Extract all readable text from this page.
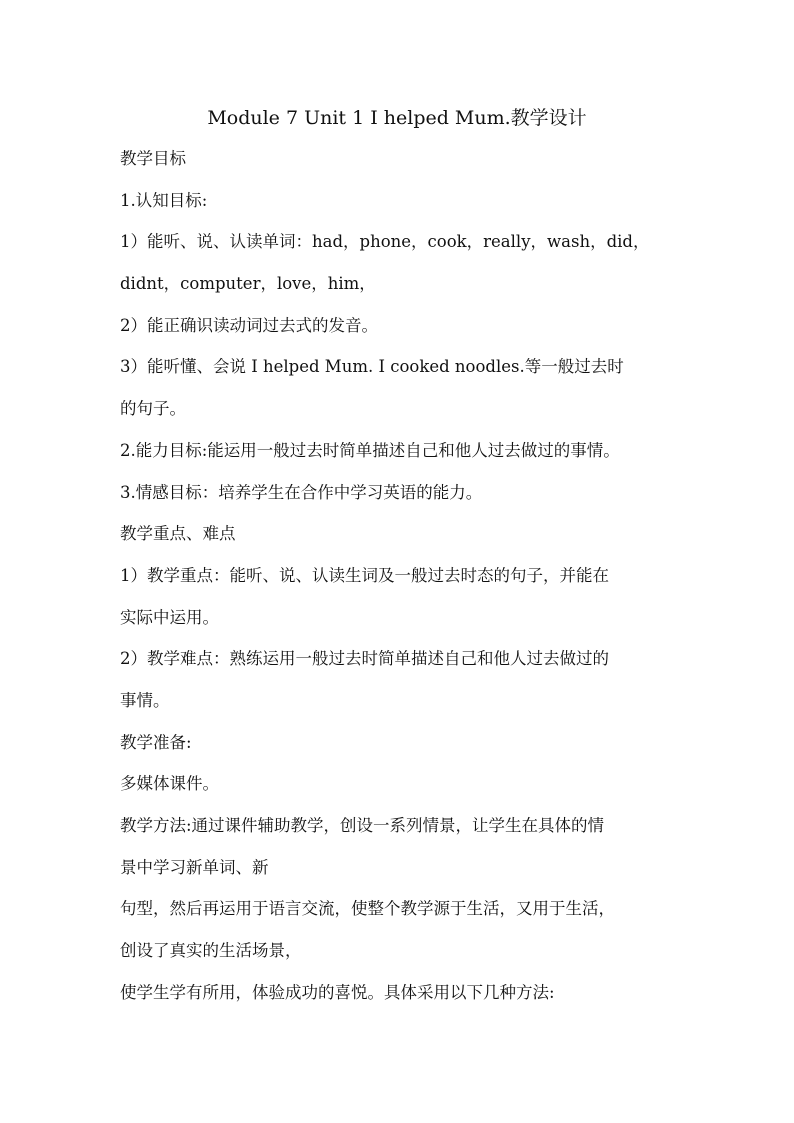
Module 7 Unit 1 I helped Mum.教学设计
教学目标
1.认知目标:
1）能听、说、认读单词：had，phone，cook，really，wash，did，
didnt，computer，love，him，
2）能正确识读动词过去式的发音。
3）能听懂、会说 I helped Mum. I cooked noodles.等一般过去时
的句子。
2.能力目标:能运用一般过去时简单描述自己和他人过去做过的事情。
3.情感目标：培养学生在合作中学习英语的能力。
教学重点、难点
1）教学重点：能听、说、认读生词及一般过去时态的句子，并能在
实际中运用。
2）教学难点：熟练运用一般过去时简单描述自己和他人过去做过的
事情。
教学准备:
多媒体课件。
教学方法:通过课件辅助教学，创设一系列情景，让学生在具体的情
景中学习新单词、新
句型，然后再运用于语言交流，使整个教学源于生活，又用于生活，
创设了真实的生活场景，
使学生学有所用，体验成功的喜悦。具体采用以下几种方法:
